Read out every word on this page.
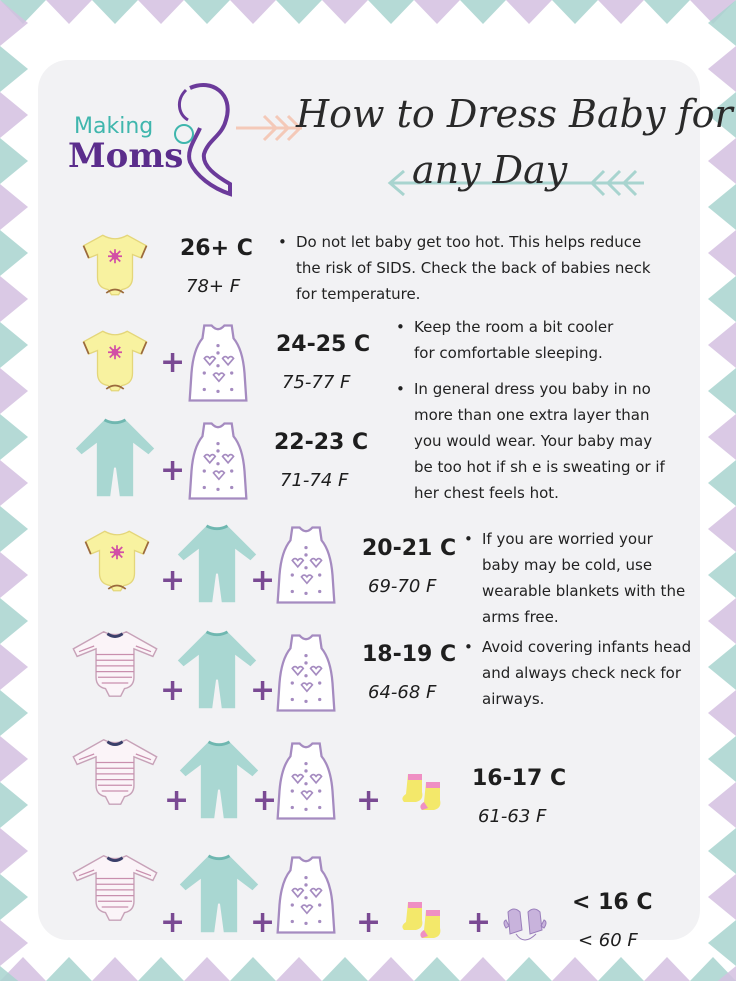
Making
Moms
How to Dress Baby for
any Day
+
+
+ +
+ +
+ +	+
+ +	+	+
26+ C
78+ F
24-25 C
75-77 F
22-23 C
71-74 F
20-21 C
69-70 F
18-19 C
64-68 F
16-17 C
61-63 F
< 16 C
< 60 F
• Do not let baby get too hot. This helps reduce the risk of SIDS. Check the back of babies neck for temperature.
• Keep the room a bit cooler for comfortable sleeping.
• In general dress you baby in no more than one extra layer than you would wear. Your baby may be too hot if sh e is sweating or if her chest feels hot.
• If you are worried your baby may be cold, use wearable blankets with the arms free.
• Avoid covering infants head and always check neck for airways.
